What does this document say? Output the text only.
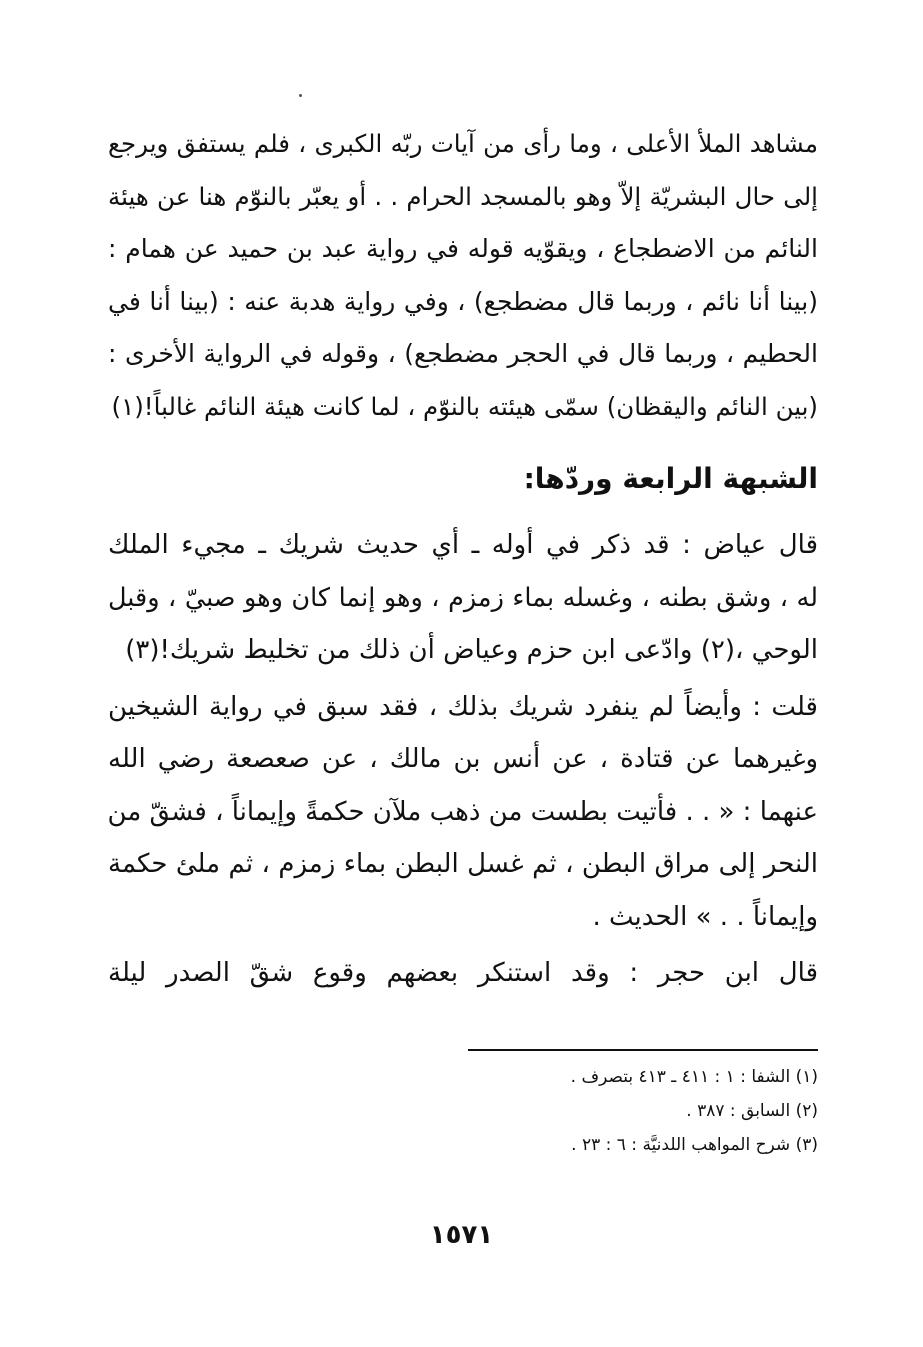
مشاهد الملأ الأعلى ، وما رأى من آيات ربّه الكبرى ، فلم يستفق ويرجع
إلى حال البشريّة إلاّ وهو بالمسجد الحرام . . أو يعبّر بالنوّم هنا عن هيئة
النائم من الاضطجاع ، ويقوّيه قوله في رواية عبد بن حميد عن همام :
(بينا أنا نائم ، وربما قال مضطجع) ، وفي رواية هدبة عنه : (بينا أنا في
الحطيم ، وربما قال في الحجر مضطجع) ، وقوله في الرواية الأخرى :
(بين النائم واليقظان) سمّى هيئته بالنوّم ، لما كانت هيئة النائم غالباً!(١)
الشبهة الرابعة وردّها:
قال عياض : قد ذكر في أوله ـ أي حديث شريك ـ مجيء الملك
له ، وشق بطنه ، وغسله بماء زمزم ، وهو إنما كان وهو صبيّ ، وقبل
الوحي ،(٢) وادّعى ابن حزم وعياض أن ذلك من تخليط شريك!(٣)
قلت : وأيضاً لم ينفرد شريك بذلك ، فقد سبق في رواية الشيخين
وغيرهما عن قتادة ، عن أنس بن مالك ، عن صعصعة رضي الله
عنهما : « . . فأتيت بطست من ذهب ملآن حكمةً وإيماناً ، فشقّ من
النحر إلى مراق البطن ، ثم غسل البطن بماء زمزم ، ثم ملئ حكمة
وإيماناً . . » الحديث .
قال ابن حجر : وقد استنكر بعضهم وقوع شقّ الصدر ليلة
(١) الشفا : ١ : ٤١١ ـ ٤١٣ بتصرف .
(٢) السابق : ٣٨٧ .
(٣) شرح المواهب اللدنيَّة : ٦ : ٢٣ .
١٥٧١
